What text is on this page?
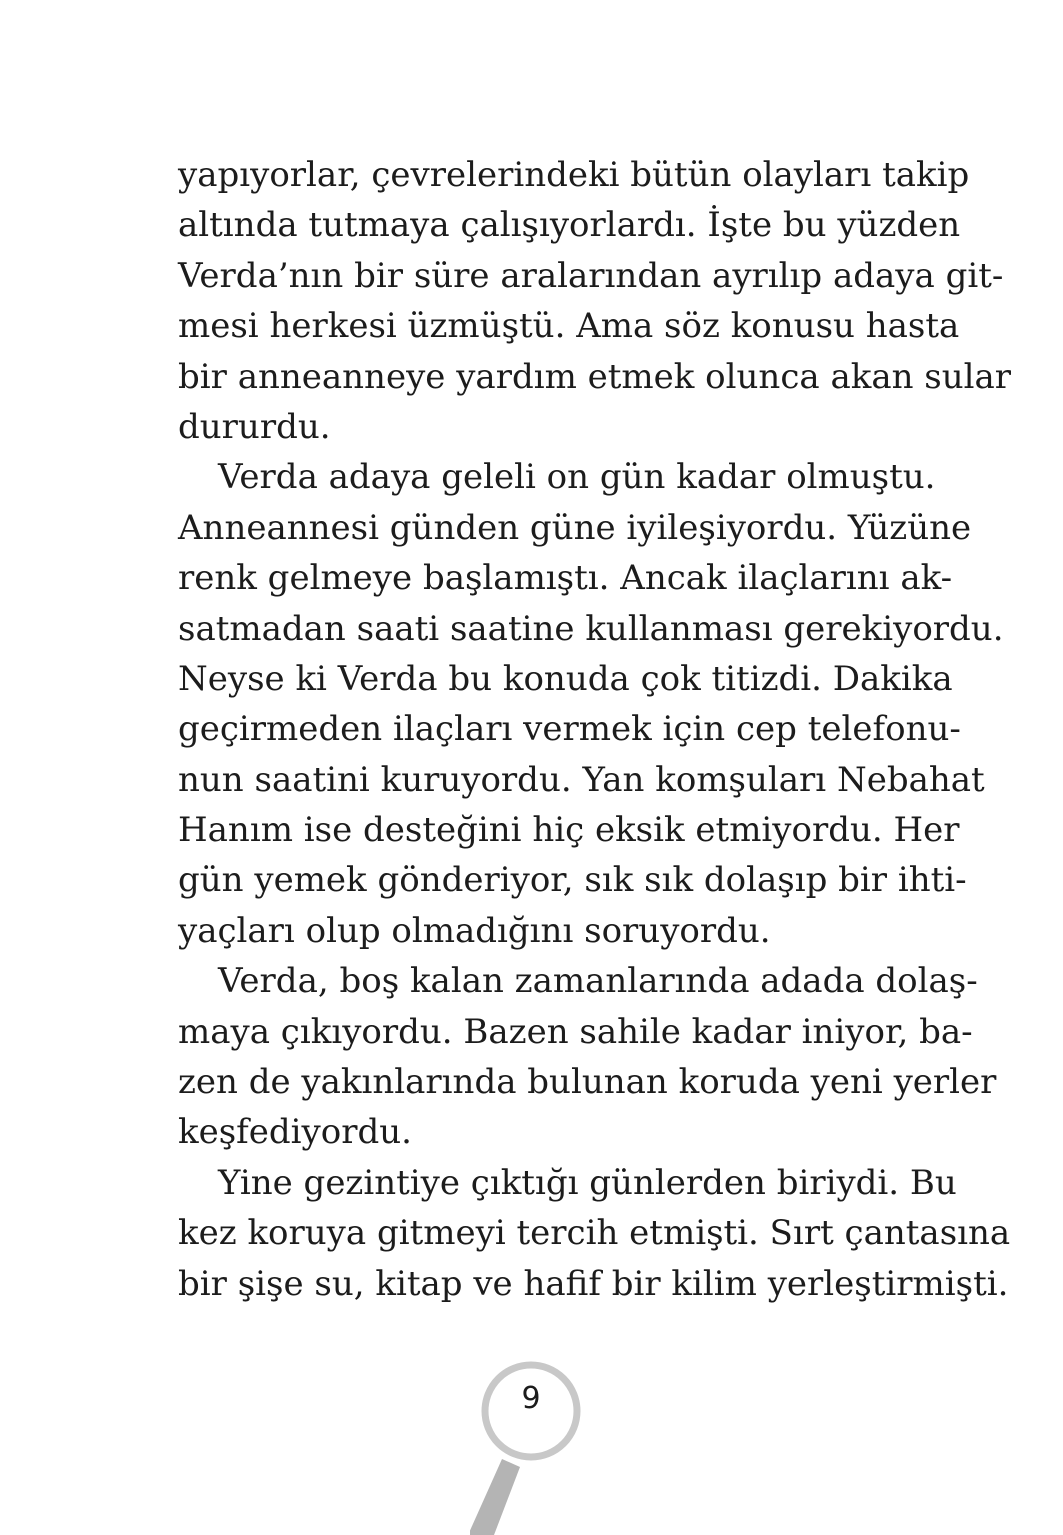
yapıyorlar, çevrelerindeki bütün olayları takip
altında tutmaya çalışıyorlardı. İşte bu yüzden
Verda’nın bir süre aralarından ayrılıp adaya git-
mesi herkesi üzmüştü. Ama söz konusu hasta
bir anneanneye yardım etmek olunca akan sular
dururdu.
Verda adaya geleli on gün kadar olmuştu.
Anneannesi günden güne iyileşiyordu. Yüzüne
renk gelmeye başlamıştı. Ancak ilaçlarını ak-
satmadan saati saatine kullanması gerekiyordu.
Neyse ki Verda bu konuda çok titizdi. Dakika
geçirmeden ilaçları vermek için cep telefonu-
nun saatini kuruyordu. Yan komşuları Nebahat
Hanım ise desteğini hiç eksik etmiyordu. Her
gün yemek gönderiyor, sık sık dolaşıp bir ihti-
yaçları olup olmadığını soruyordu.
Verda, boş kalan zamanlarında adada dolaş-
maya çıkıyordu. Bazen sahile kadar iniyor, ba-
zen de yakınlarında bulunan koruda yeni yerler
keşfediyordu.
Yine gezintiye çıktığı günlerden biriydi. Bu
kez koruya gitmeyi tercih etmişti. Sırt çantasına
bir şişe su, kitap ve hafif bir kilim yerleştirmişti.
9
